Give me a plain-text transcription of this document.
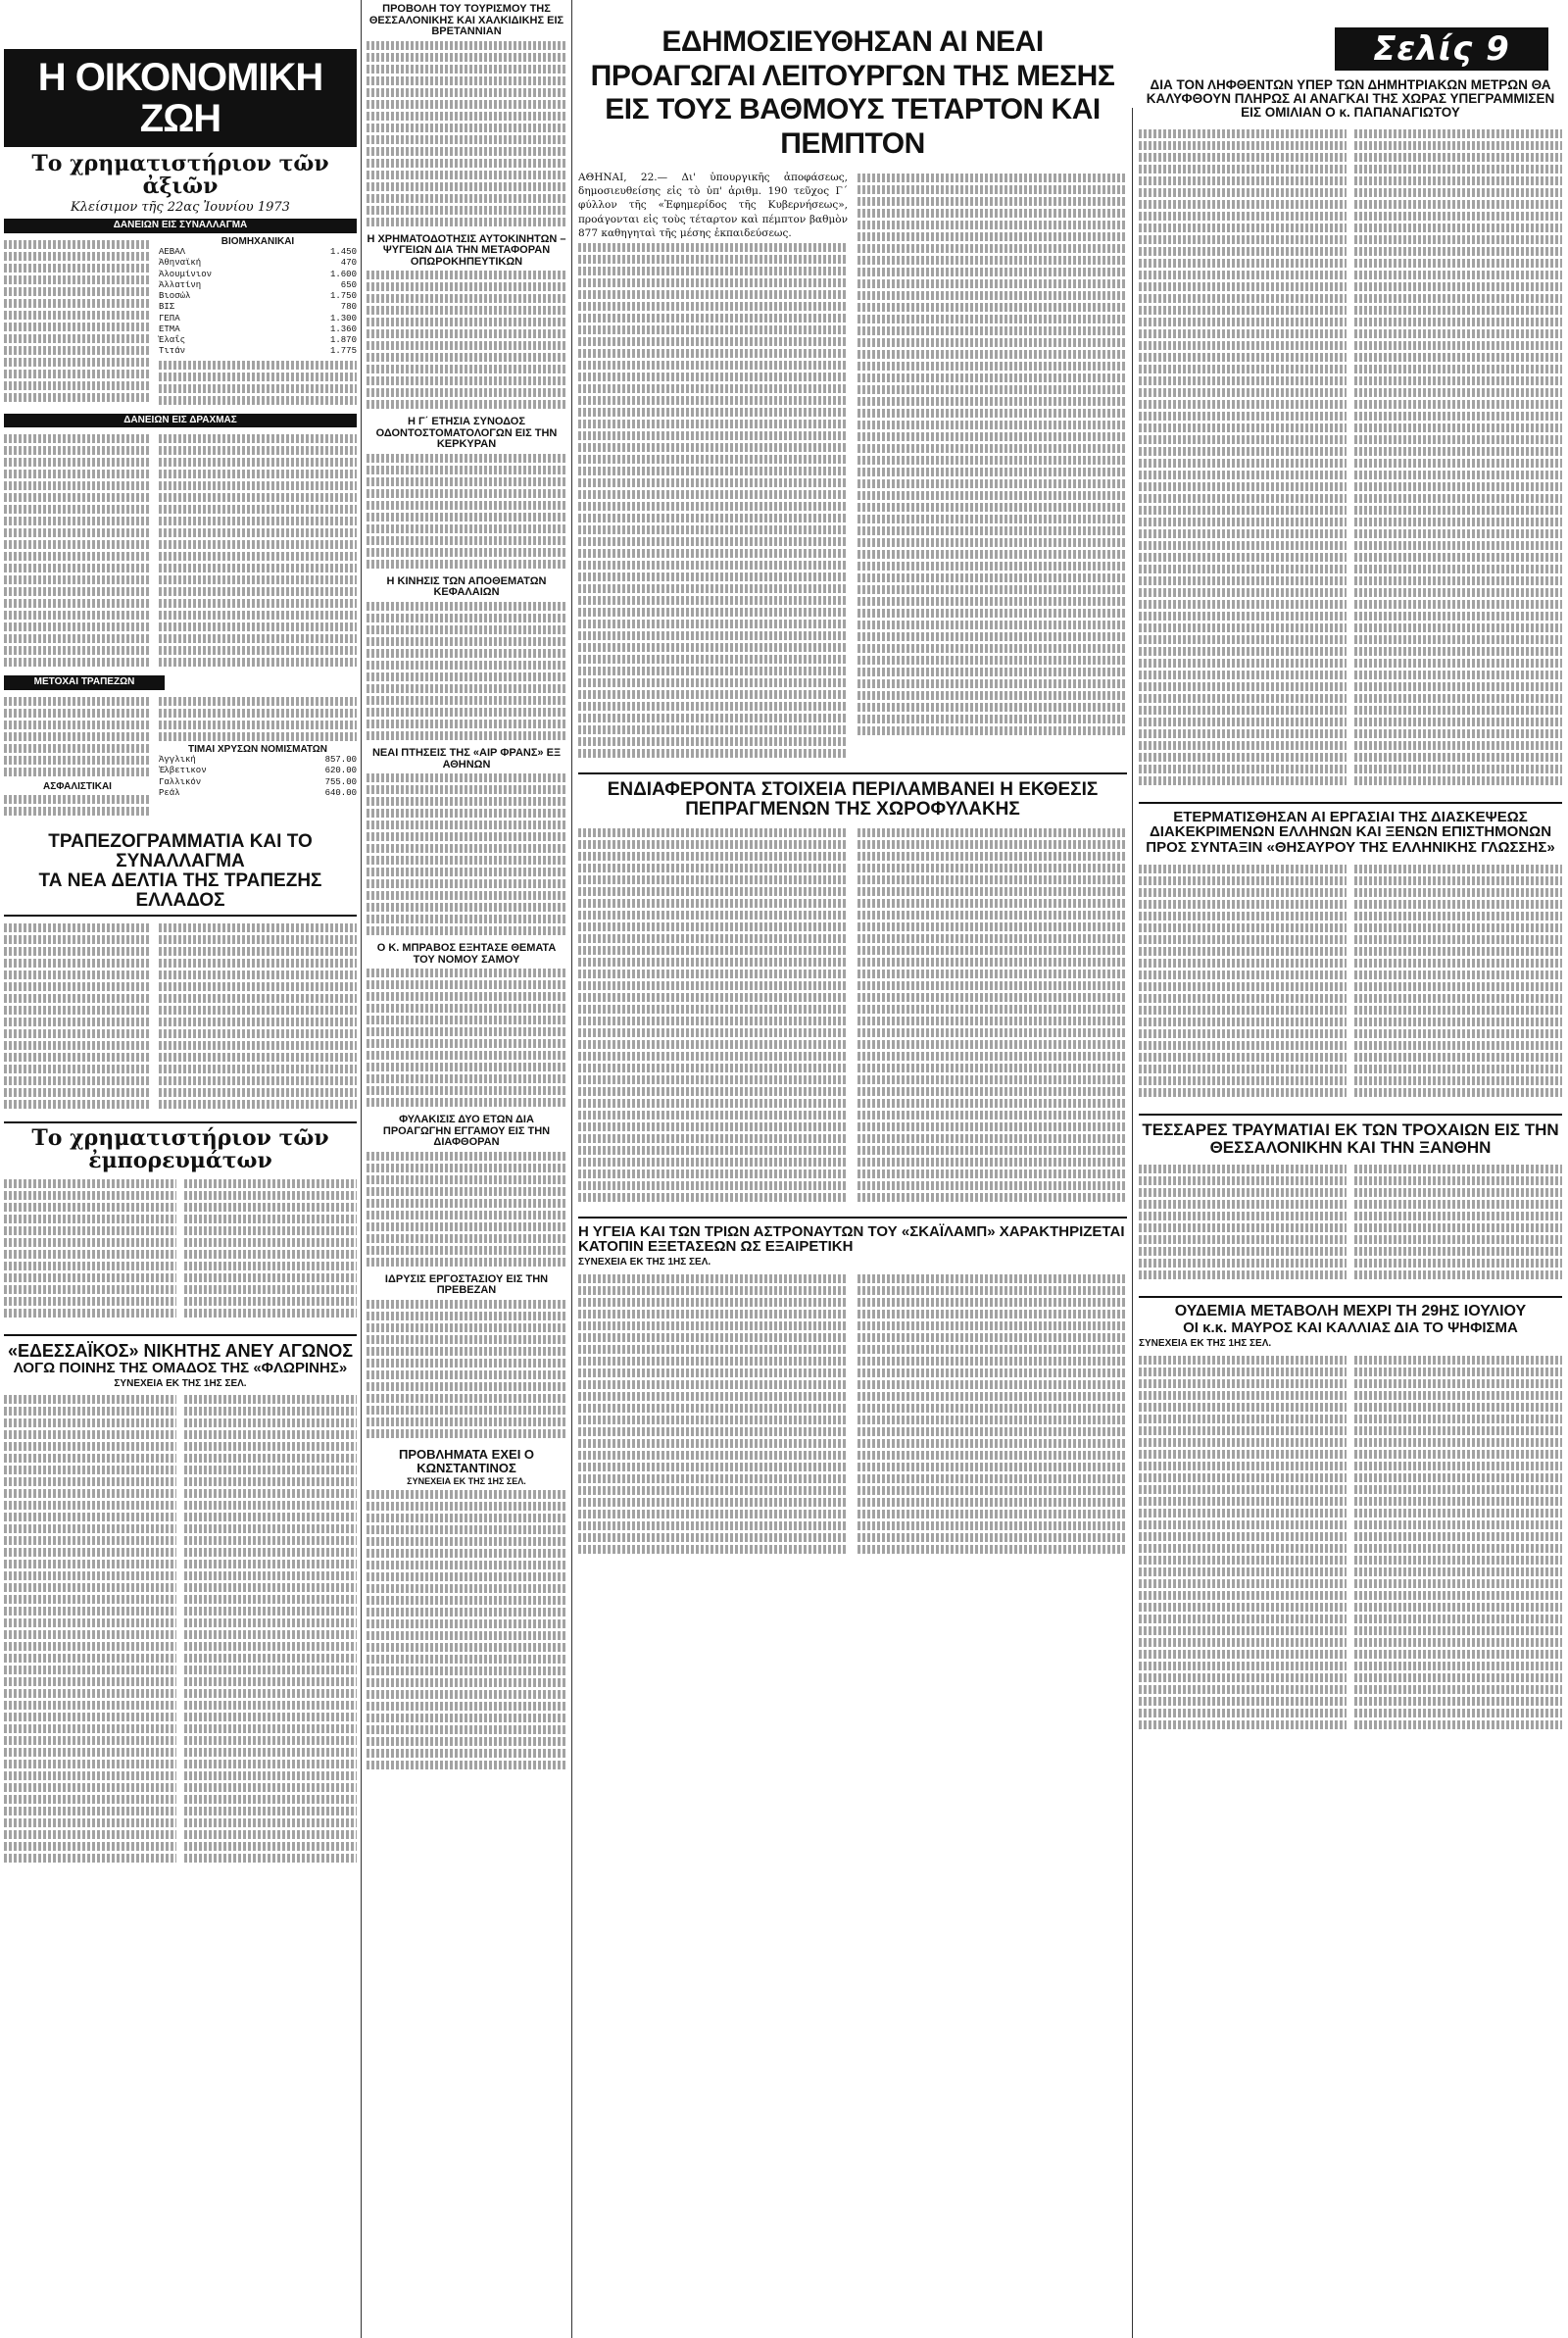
Σελίς 9
Η ΟΙΚΟΝΟΜΙΚΗ ΖΩΗ
Το χρηματιστήριον τῶν ἀξιῶν
Κλείσιμον τῆς 22ας Ἰουνίου 1973
ΔΑΝΕΙΩΝ ΕΙΣ ΣΥΝΑΛΛΑΓΜΑ
ΒΙΟΜΗΧΑΝΙΚΑΙ
ΑΕΒΑΛ	1.450
Ἀθηναϊκή	470
Ἀλουμίνιον	1.600
Ἀλλατίνη	650
Βιοσώλ	1.750
ΒΙΣ	780
ΓΕΠΑ	1.300
ΕΤΜΑ	1.360
Ἐλαΐς	1.870
Τιτάν	1.775
ΔΑΝΕΙΩΝ ΕΙΣ ΔΡΑΧΜΑΣ
ΜΕΤΟΧΑΙ ΤΡΑΠΕΖΩΝ
ΑΣΦΑΛΙΣΤΙΚΑΙ
ΤΙΜΑΙ ΧΡΥΣΩΝ ΝΟΜΙΣΜΑΤΩΝ
Ἀγγλική	857.00
Ἑλβετικον	620.00
Γαλλικόν	755.00
Ρεάλ	640.00
ΤΡΑΠΕΖΟΓΡΑΜΜΑΤΙΑ ΚΑΙ ΤΟ ΣΥΝΑΛΛΑΓΜΑ
ΤΑ ΝΕΑ ΔΕΛΤΙΑ ΤΗΣ ΤΡΑΠΕΖΗΣ ΕΛΛΑΔΟΣ
Το χρηματιστήριον τῶν ἐμπορευμάτων
«ΕΔΕΣΣΑΪΚΟΣ» ΝΙΚΗΤΗΣ ΑΝΕΥ ΑΓΩΝΟΣ
ΛΟΓΩ ΠΟΙΝΗΣ ΤΗΣ ΟΜΑΔΟΣ ΤΗΣ «ΦΛΩΡΙΝΗΣ»
ΣΥΝΕΧΕΙΑ ΕΚ ΤΗΣ 1ΗΣ ΣΕΛ.
ΠΡΟΒΟΛΗ ΤΟΥ ΤΟΥΡΙΣΜΟΥ ΤΗΣ ΘΕΣΣΑΛΟΝΙΚΗΣ ΚΑΙ ΧΑΛΚΙΔΙΚΗΣ ΕΙΣ ΒΡΕΤΑΝΝΙΑΝ
Η ΧΡΗΜΑΤΟΔΟΤΗΣΙΣ ΑΥΤΟΚΙΝΗΤΩΝ – ΨΥΓΕΙΩΝ ΔΙΑ ΤΗΝ ΜΕΤΑΦΟΡΑΝ ΟΠΩΡΟΚΗΠΕΥΤΙΚΩΝ
Η Γ΄ ΕΤΗΣΙΑ ΣΥΝΟΔΟΣ ΟΔΟΝΤΟΣΤΟΜΑΤΟΛΟΓΩΝ ΕΙΣ ΤΗΝ ΚΕΡΚΥΡΑΝ
Η ΚΙΝΗΣΙΣ ΤΩΝ ΑΠΟΘΕΜΑΤΩΝ ΚΕΦΑΛΑΙΩΝ
ΝΕΑΙ ΠΤΗΣΕΙΣ ΤΗΣ «ΑΙΡ ΦΡΑΝΣ» ΕΞ ΑΘΗΝΩΝ
Ο Κ. ΜΠΡΑΒΟΣ ΕΞΗΤΑΣΕ ΘΕΜΑΤΑ ΤΟΥ ΝΟΜΟΥ ΣΑΜΟΥ
ΦΥΛΑΚΙΣΙΣ ΔΥΟ ΕΤΩΝ ΔΙΑ ΠΡΟΑΓΩΓΗΝ ΕΓΓΑΜΟΥ ΕΙΣ ΤΗΝ ΔΙΑΦΘΟΡΑΝ
ΙΔΡΥΣΙΣ ΕΡΓΟΣΤΑΣΙΟΥ ΕΙΣ ΤΗΝ ΠΡΕΒΕΖΑΝ
ΠΡΟΒΛΗΜΑΤΑ ΕΧΕΙ Ο ΚΩΝΣΤΑΝΤΙΝΟΣ
ΣΥΝΕΧΕΙΑ ΕΚ ΤΗΣ 1ΗΣ ΣΕΛ.
ΕΔΗΜΟΣΙΕΥΘΗΣΑΝ ΑΙ ΝΕΑΙ ΠΡΟΑΓΩΓΑΙ ΛΕΙΤΟΥΡΓΩΝ ΤΗΣ ΜΕΣΗΣ ΕΙΣ ΤΟΥΣ ΒΑΘΜΟΥΣ ΤΕΤΑΡΤΟΝ ΚΑΙ ΠΕΜΠΤΟΝ
ΑΘΗΝΑΙ, 22.— Δι' ὑπουργικῆς ἀποφάσεως, δημοσιευθείσης εἰς τὸ ὑπ' ἀριθμ. 190 τεῦχος Γ΄ φύλλον τῆς «Ἐφημερίδος τῆς Κυβερνήσεως», προάγονται εἰς τοὺς τέταρτον καὶ πέμπτον βαθμὸν 877 καθηγηταὶ τῆς μέσης ἐκπαιδεύσεως.
ΕΝΔΙΑΦΕΡΟΝΤΑ ΣΤΟΙΧΕΙΑ ΠΕΡΙΛΑΜΒΑΝΕΙ Η ΕΚΘΕΣΙΣ ΠΕΠΡΑΓΜΕΝΩΝ ΤΗΣ ΧΩΡΟΦΥΛΑΚΗΣ
Η ΥΓΕΙΑ ΚΑΙ ΤΩΝ ΤΡΙΩΝ ΑΣΤΡΟΝΑΥΤΩΝ ΤΟΥ «ΣΚΑΪΛΑΜΠ» ΧΑΡΑΚΤΗΡΙΖΕΤΑΙ ΚΑΤΟΠΙΝ ΕΞΕΤΑΣΕΩΝ ΩΣ ΕΞΑΙΡΕΤΙΚΗ
ΣΥΝΕΧΕΙΑ ΕΚ ΤΗΣ 1ΗΣ ΣΕΛ.
ΔΙΑ ΤΟΝ ΛΗΦΘΕΝΤΩΝ ΥΠΕΡ ΤΩΝ ΔΗΜΗΤΡΙΑΚΩΝ ΜΕΤΡΩΝ ΘΑ ΚΑΛΥΦΘΟΥΝ ΠΛΗΡΩΣ ΑΙ ΑΝΑΓΚΑΙ ΤΗΣ ΧΩΡΑΣ ΥΠΕΓΡΑΜΜΙΣΕΝ ΕΙΣ ΟΜΙΛΙΑΝ Ο κ. ΠΑΠΑΝΑΓΙΩΤΟΥ
ΕΤΕΡΜΑΤΙΣΘΗΣΑΝ ΑΙ ΕΡΓΑΣΙΑΙ ΤΗΣ ΔΙΑΣΚΕΨΕΩΣ ΔΙΑΚΕΚΡΙΜΕΝΩΝ ΕΛΛΗΝΩΝ ΚΑΙ ΞΕΝΩΝ ΕΠΙΣΤΗΜΟΝΩΝ ΠΡΟΣ ΣΥΝΤΑΞΙΝ «ΘΗΣΑΥΡΟΥ ΤΗΣ ΕΛΛΗΝΙΚΗΣ ΓΛΩΣΣΗΣ»
ΤΕΣΣΑΡΕΣ ΤΡΑΥΜΑΤΙΑΙ ΕΚ ΤΩΝ ΤΡΟΧΑΙΩΝ ΕΙΣ ΤΗΝ ΘΕΣΣΑΛΟΝΙΚΗΝ ΚΑΙ ΤΗΝ ΞΑΝΘΗΝ
ΟΥΔΕΜΙΑ ΜΕΤΑΒΟΛΗ ΜΕΧΡΙ ΤΗ 29ΗΣ ΙΟΥΛΙΟΥ
ΟΙ κ.κ. ΜΑΥΡΟΣ ΚΑΙ ΚΑΛΛΙΑΣ ΔΙΑ ΤΟ ΨΗΦΙΣΜΑ
ΣΥΝΕΧΕΙΑ ΕΚ ΤΗΣ 1ΗΣ ΣΕΛ.
